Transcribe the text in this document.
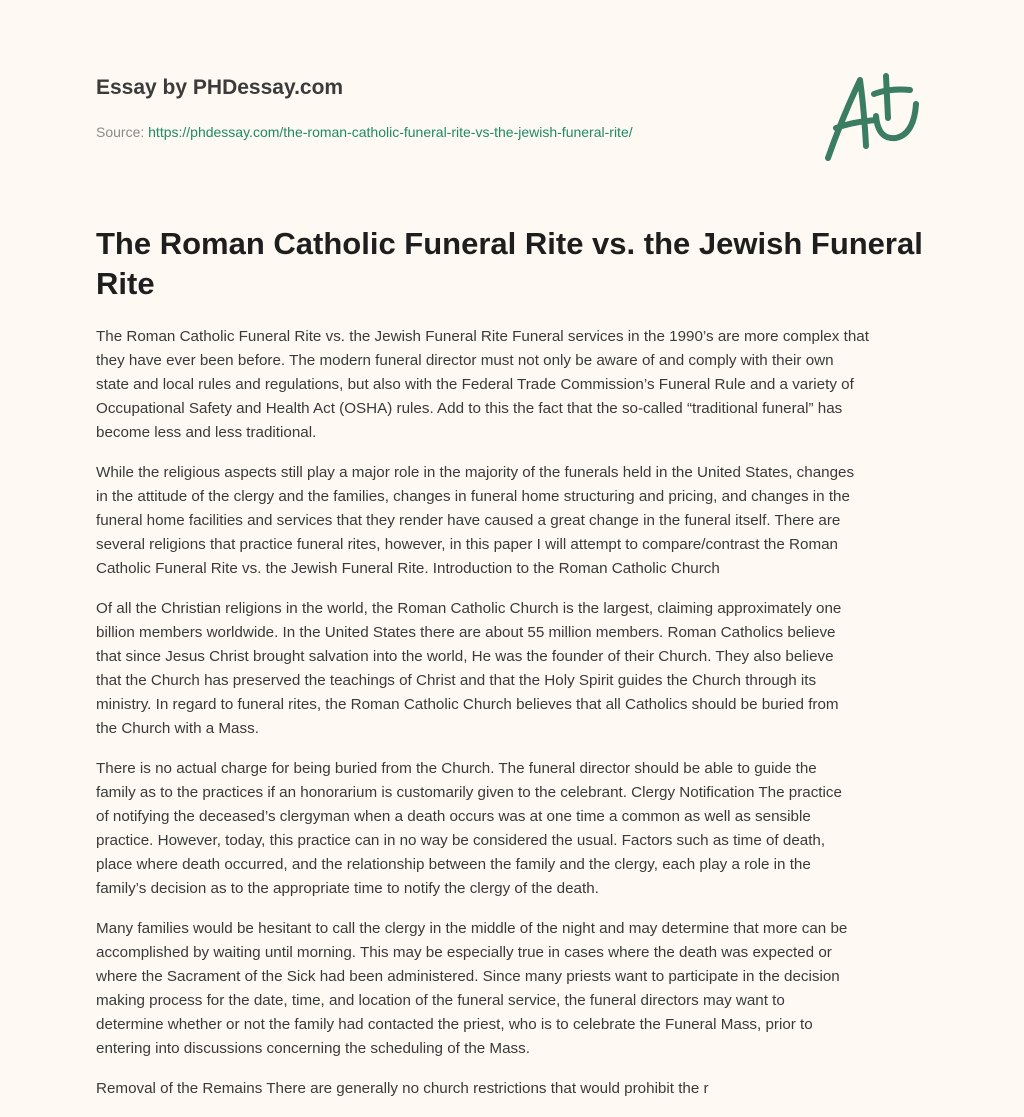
Essay by PHDessay.com
Source: https://phdessay.com/the-roman-catholic-funeral-rite-vs-the-jewish-funeral-rite/
The Roman Catholic Funeral Rite vs. the Jewish Funeral Rite

The Roman Catholic Funeral Rite vs. the Jewish Funeral Rite Funeral services in the 1990’s are more complex that
they have ever been before. The modern funeral director must not only be aware of and comply with their own
state and local rules and regulations, but also with the Federal Trade Commission’s Funeral Rule and a variety of
Occupational Safety and Health Act (OSHA) rules. Add to this the fact that the so-called “traditional funeral” has
become less and less traditional.

While the religious aspects still play a major role in the majority of the funerals held in the United States, changes
in the attitude of the clergy and the families, changes in funeral home structuring and pricing, and changes in the
funeral home facilities and services that they render have caused a great change in the funeral itself. There are
several religions that practice funeral rites, however, in this paper I will attempt to compare/contrast the Roman
Catholic Funeral Rite vs. the Jewish Funeral Rite. Introduction to the Roman Catholic Church

Of all the Christian religions in the world, the Roman Catholic Church is the largest, claiming approximately one
billion members worldwide. In the United States there are about 55 million members. Roman Catholics believe
that since Jesus Christ brought salvation into the world, He was the founder of their Church. They also believe
that the Church has preserved the teachings of Christ and that the Holy Spirit guides the Church through its
ministry. In regard to funeral rites, the Roman Catholic Church believes that all Catholics should be buried from
the Church with a Mass.

There is no actual charge for being buried from the Church. The funeral director should be able to guide the
family as to the practices if an honorarium is customarily given to the celebrant. Clergy Notification The practice
of notifying the deceased’s clergyman when a death occurs was at one time a common as well as sensible
practice. However, today, this practice can in no way be considered the usual. Factors such as time of death,
place where death occurred, and the relationship between the family and the clergy, each play a role in the
family’s decision as to the appropriate time to notify the clergy of the death.

Many families would be hesitant to call the clergy in the middle of the night and may determine that more can be
accomplished by waiting until morning. This may be especially true in cases where the death was expected or
where the Sacrament of the Sick had been administered. Since many priests want to participate in the decision
making process for the date, time, and location of the funeral service, the funeral directors may want to
determine whether or not the family had contacted the priest, who is to celebrate the Funeral Mass, prior to
entering into discussions concerning the scheduling of the Mass.

Removal of the Remains There are generally no church restrictions that would prohibit the r
